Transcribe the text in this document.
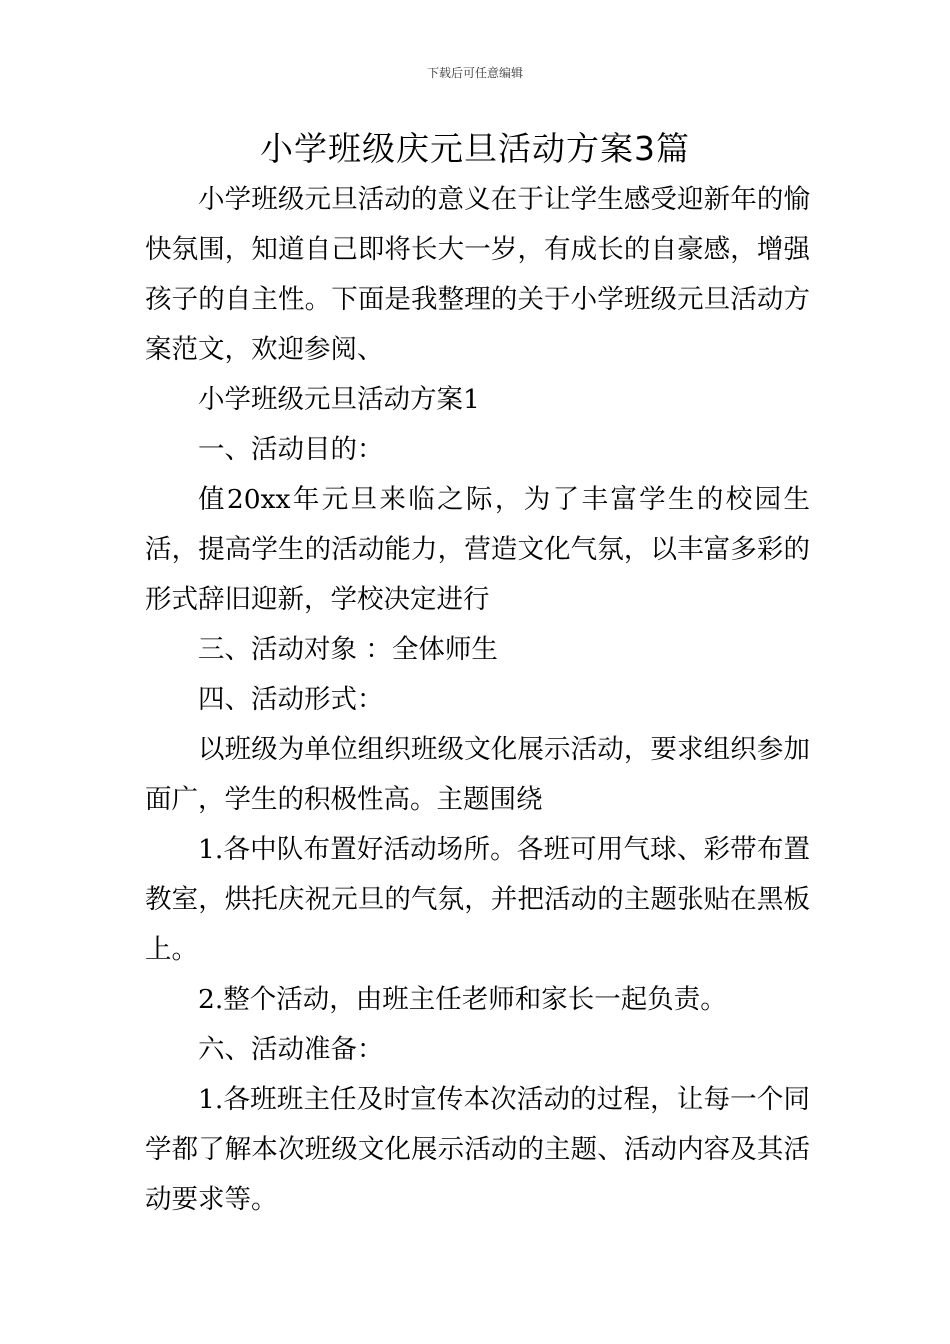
下载后可任意编辑
小学班级庆元旦活动方案3篇

小学班级元旦活动的意义在于让学生感受迎新年的愉快氛围，知道自己即将长大一岁，有成长的自豪感，增强孩子的自主性。下面是我整理的关于小学班级元旦活动方案范文，欢迎参阅、

小学班级元旦活动方案1

一、活动目的：

值20xx年元旦来临之际，为了丰富学生的校园生活，提高学生的活动能力，营造文化气氛，以丰富多彩的形式辞旧迎新，学校决定进行

三、活动对象 ：全体师生

四、活动形式：

以班级为单位组织班级文化展示活动，要求组织参加面广，学生的积极性高。主题围绕

1.各中队布置好活动场所。各班可用气球、彩带布置教室，烘托庆祝元旦的气氛，并把活动的主题张贴在黑板上。

2.整个活动，由班主任老师和家长一起负责。

六、活动准备：

1.各班班主任及时宣传本次活动的过程，让每一个同学都了解本次班级文化展示活动的主题、活动内容及其活动要求等。
